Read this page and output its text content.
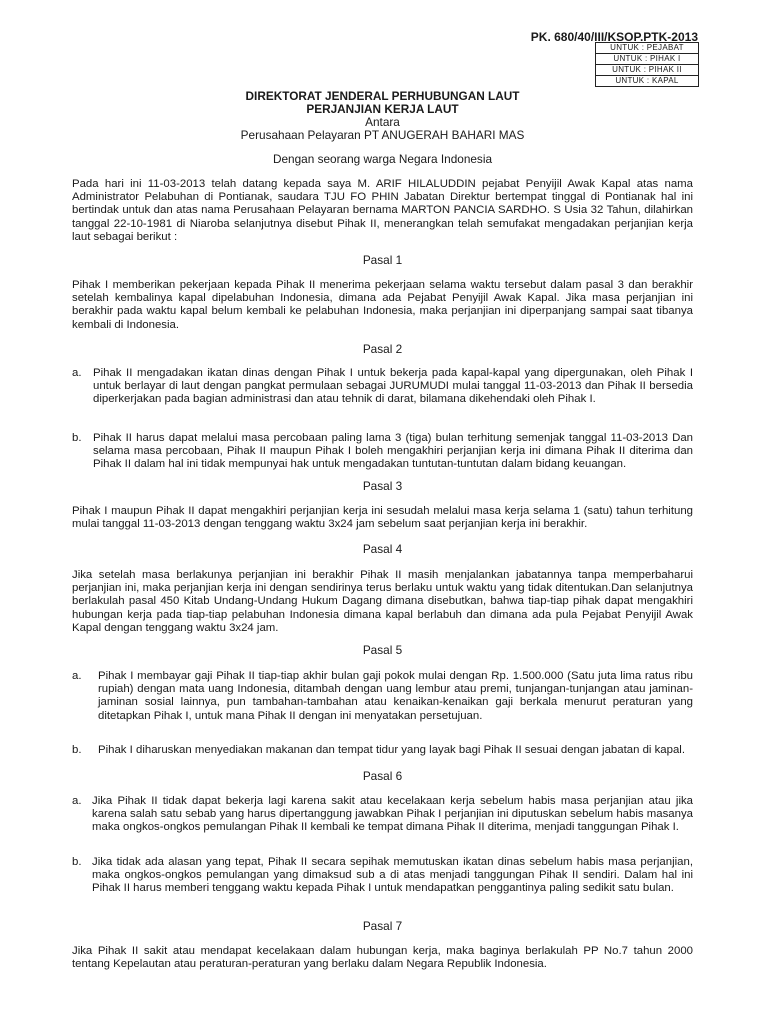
PK. 680/40/III/KSOP.PTK-2013
UNTUK : PEJABAT
UNTUK : PIHAK I
UNTUK : PIHAK II
UNTUK : KAPAL
DIREKTORAT JENDERAL PERHUBUNGAN LAUT
PERJANJIAN KERJA LAUT
Antara
Perusahaan Pelayaran PT ANUGERAH BAHARI MAS
Dengan seorang warga Negara Indonesia
Pada hari ini 11-03-2013 telah datang kepada saya M. ARIF HILALUDDIN pejabat Penyijil Awak Kapal atas nama Administrator Pelabuhan di Pontianak, saudara TJU FO PHIN Jabatan Direktur bertempat tinggal di Pontianak hal ini bertindak untuk dan atas nama Perusahaan Pelayaran bernama MARTON PANCIA SARDHO. S Usia 32 Tahun, dilahirkan tanggal 22-10-1981 di Niaroba selanjutnya disebut Pihak II, menerangkan telah semufakat mengadakan perjanjian kerja laut sebagai berikut :
Pasal 1
Pihak I memberikan pekerjaan kepada Pihak II menerima pekerjaan selama waktu tersebut dalam pasal 3 dan berakhir setelah kembalinya kapal dipelabuhan Indonesia, dimana ada Pejabat Penyijil Awak Kapal. Jika masa perjanjian ini berakhir pada waktu kapal belum kembali ke pelabuhan Indonesia, maka perjanjian ini diperpanjang sampai saat tibanya kembali di Indonesia.
Pasal 2
a. Pihak II mengadakan ikatan dinas dengan Pihak I untuk bekerja pada kapal-kapal yang dipergunakan, oleh Pihak I untuk berlayar di laut dengan pangkat permulaan sebagai JURUMUDI mulai tanggal 11-03-2013 dan Pihak II bersedia diperkerjakan pada bagian administrasi dan atau tehnik di darat, bilamana dikehendaki oleh Pihak I.
b. Pihak II harus dapat melalui masa percobaan paling lama 3 (tiga) bulan terhitung semenjak tanggal 11-03-2013 Dan selama masa percobaan, Pihak II maupun Pihak I boleh mengakhiri perjanjian kerja ini dimana Pihak II diterima dan Pihak II dalam hal ini tidak mempunyai hak untuk mengadakan tuntutan-tuntutan dalam bidang keuangan.
Pasal 3
Pihak I maupun Pihak II dapat mengakhiri perjanjian kerja ini sesudah melalui masa kerja selama 1 (satu) tahun terhitung mulai tanggal 11-03-2013 dengan tenggang waktu 3x24 jam sebelum saat perjanjian kerja ini berakhir.
Pasal 4
Jika setelah masa berlakunya perjanjian ini berakhir Pihak II masih menjalankan jabatannya tanpa memperbaharui perjanjian ini, maka perjanjian kerja ini dengan sendirinya terus berlaku untuk waktu yang tidak ditentukan.Dan selanjutnya berlakulah pasal 450 Kitab Undang-Undang Hukum Dagang dimana disebutkan, bahwa tiap-tiap pihak dapat mengakhiri hubungan kerja pada tiap-tiap pelabuhan Indonesia dimana kapal berlabuh dan dimana ada pula Pejabat Penyijil Awak Kapal dengan tenggang waktu 3x24 jam.
Pasal 5
a. Pihak I membayar gaji Pihak II tiap-tiap akhir bulan gaji pokok mulai dengan Rp. 1.500.000 (Satu juta lima ratus ribu rupiah) dengan mata uang Indonesia, ditambah dengan uang lembur atau premi, tunjangan-tunjangan atau jaminan-jaminan sosial lainnya, pun tambahan-tambahan atau kenaikan-kenaikan gaji berkala menurut peraturan yang ditetapkan Pihak I, untuk mana Pihak II dengan ini menyatakan persetujuan.
b. Pihak I diharuskan menyediakan makanan dan tempat tidur yang layak bagi Pihak II sesuai dengan jabatan di kapal.
Pasal 6
a. Jika Pihak II tidak dapat bekerja lagi karena sakit atau kecelakaan kerja sebelum habis masa perjanjian atau jika karena salah satu sebab yang harus dipertanggung jawabkan Pihak I perjanjian ini diputuskan sebelum habis masanya maka ongkos-ongkos pemulangan Pihak II kembali ke tempat dimana Pihak II diterima, menjadi tanggungan Pihak I.
b. Jika tidak ada alasan yang tepat, Pihak II secara sepihak memutuskan ikatan dinas sebelum habis masa perjanjian, maka ongkos-ongkos pemulangan yang dimaksud sub a di atas menjadi tanggungan Pihak II sendiri. Dalam hal ini Pihak II harus memberi tenggang waktu kepada Pihak I untuk mendapatkan penggantinya paling sedikit satu bulan.
Pasal 7
Jika Pihak II sakit atau mendapat kecelakaan dalam hubungan kerja, maka baginya berlakulah PP No.7 tahun 2000 tentang Kepelautan atau peraturan-peraturan yang berlaku dalam Negara Republik Indonesia.
